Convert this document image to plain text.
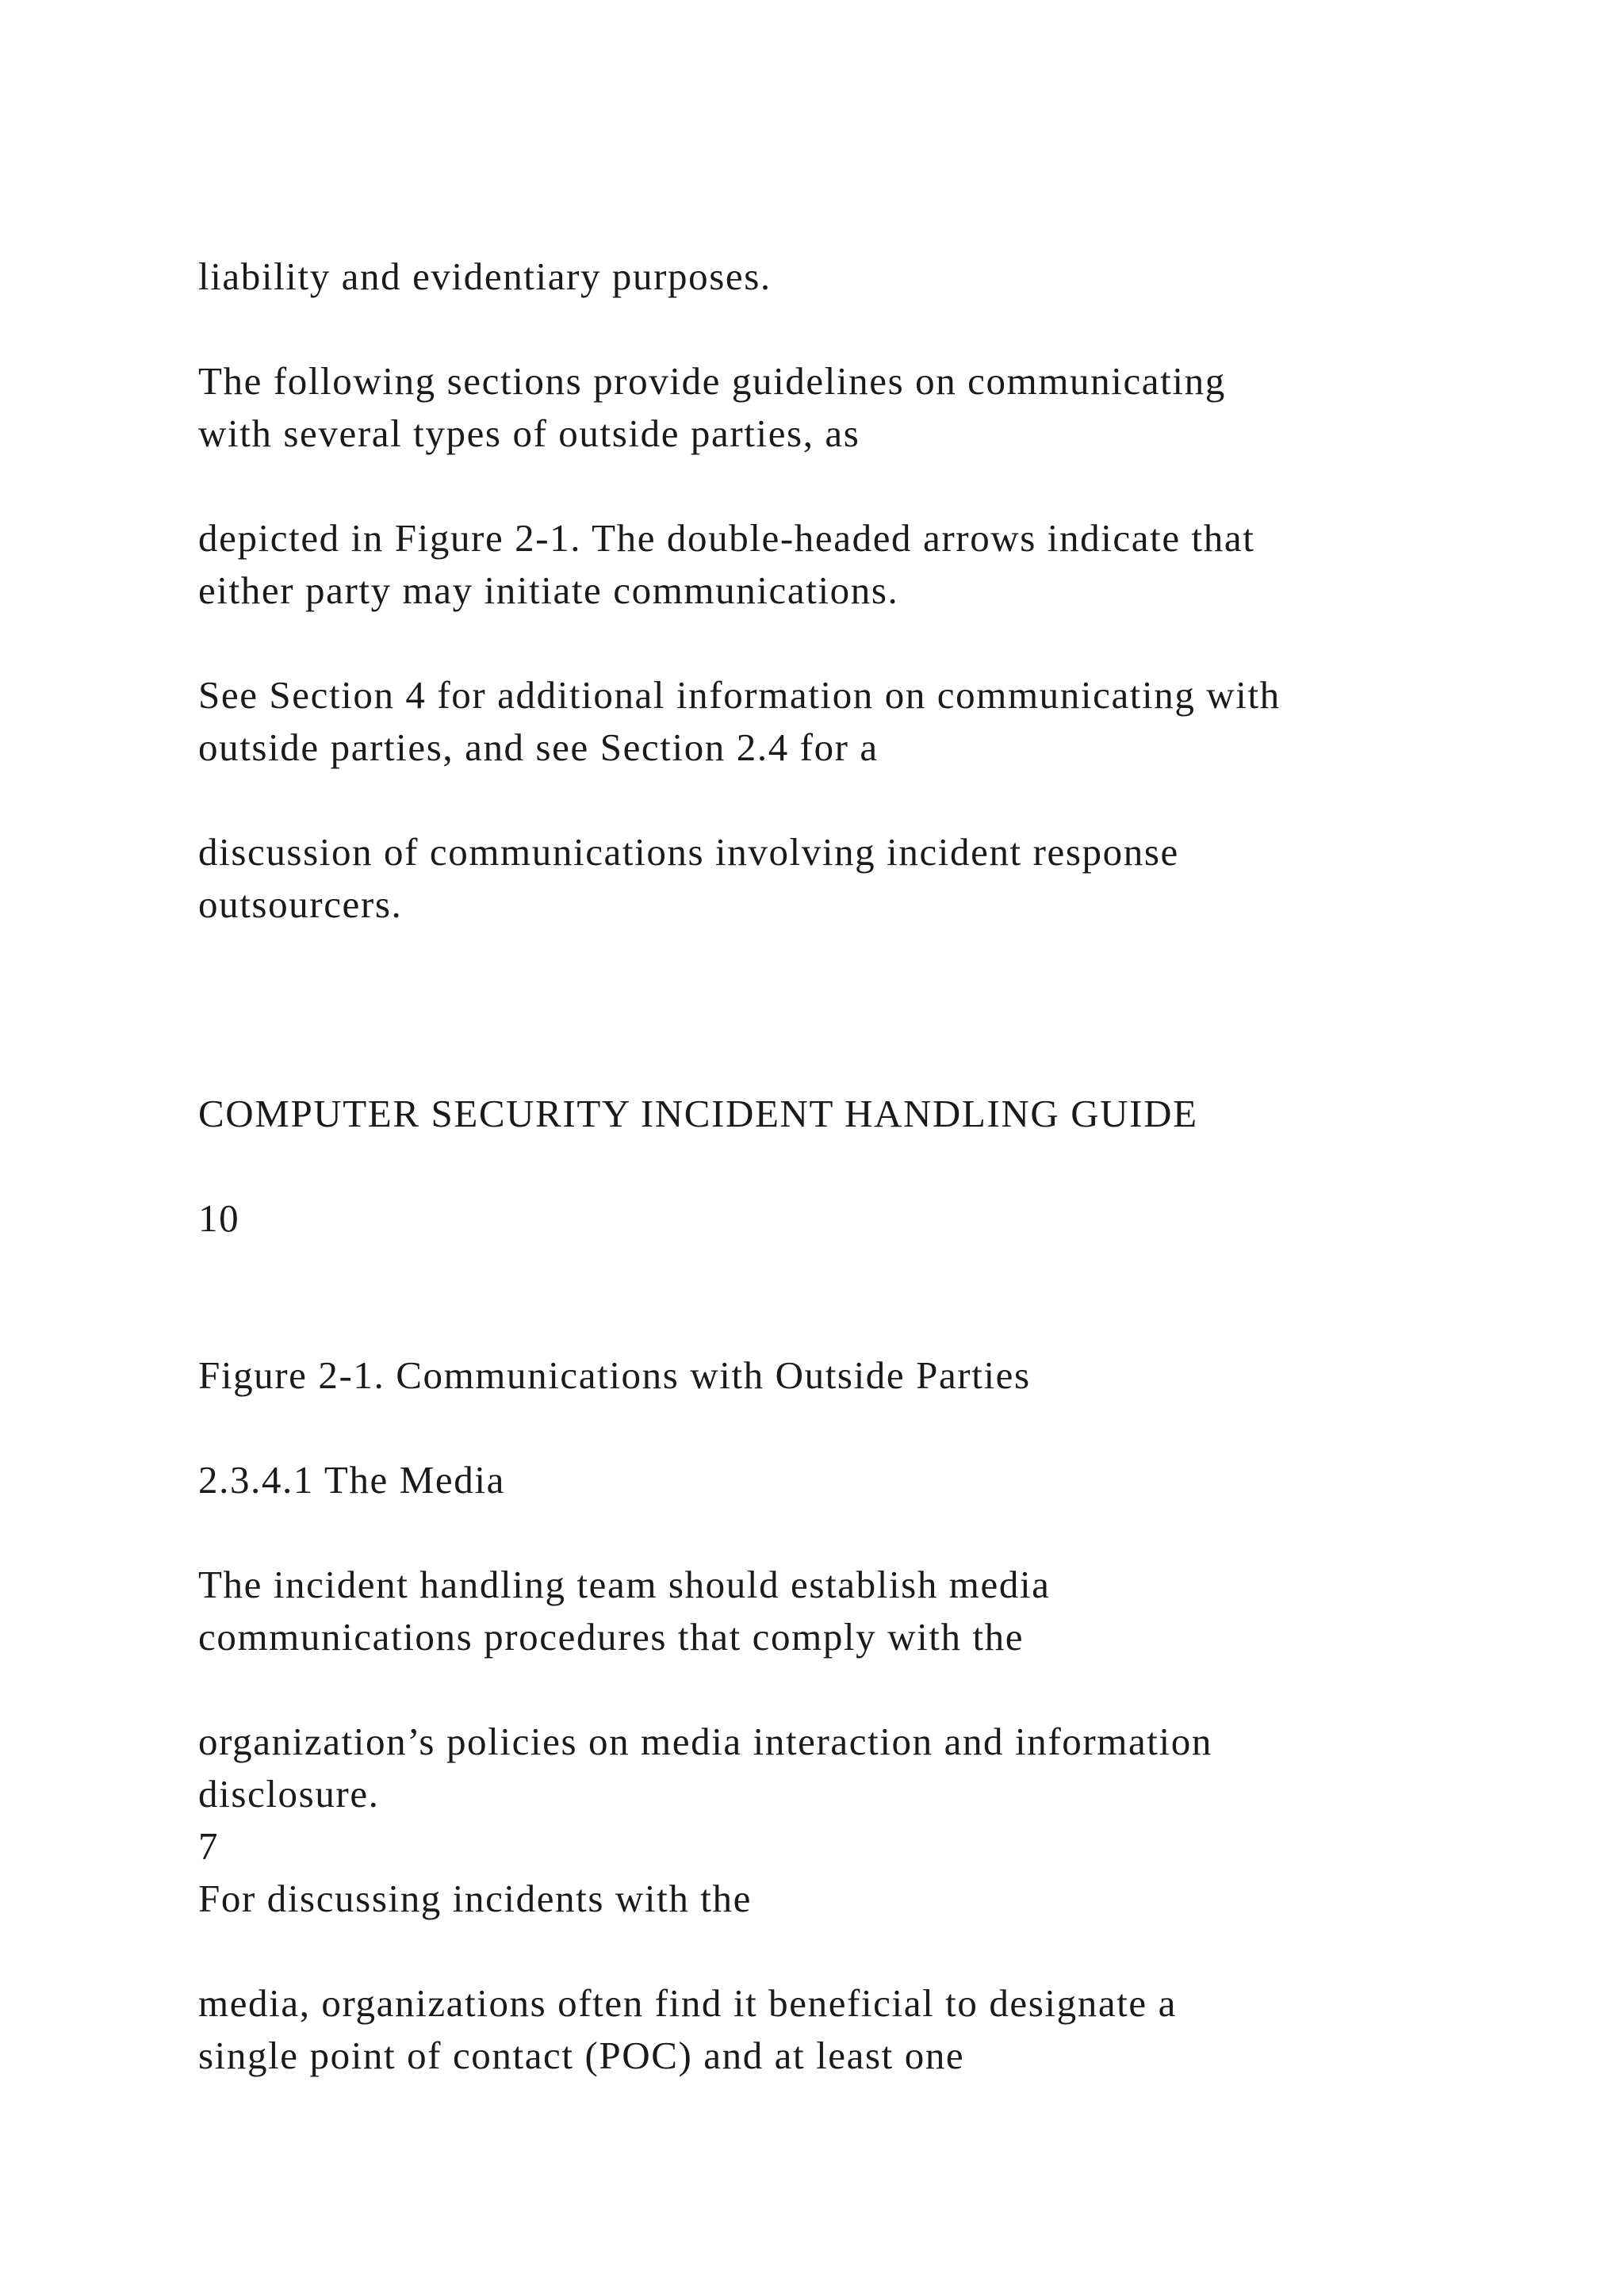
liability and evidentiary purposes.

The following sections provide guidelines on communicating

with several types of outside parties, as

depicted in Figure 2-1. The double-headed arrows indicate that

either party may initiate communications.

See Section 4 for additional information on communicating with

outside parties, and see Section 2.4 for a

discussion of communications involving incident response

outsourcers.

COMPUTER SECURITY INCIDENT HANDLING GUIDE

10

Figure 2-1. Communications with Outside Parties

2.3.4.1 The Media

The incident handling team should establish media

communications procedures that comply with the

organization’s policies on media interaction and information

disclosure.

7

For discussing incidents with the

media, organizations often find it beneficial to designate a

single point of contact (POC) and at least one
